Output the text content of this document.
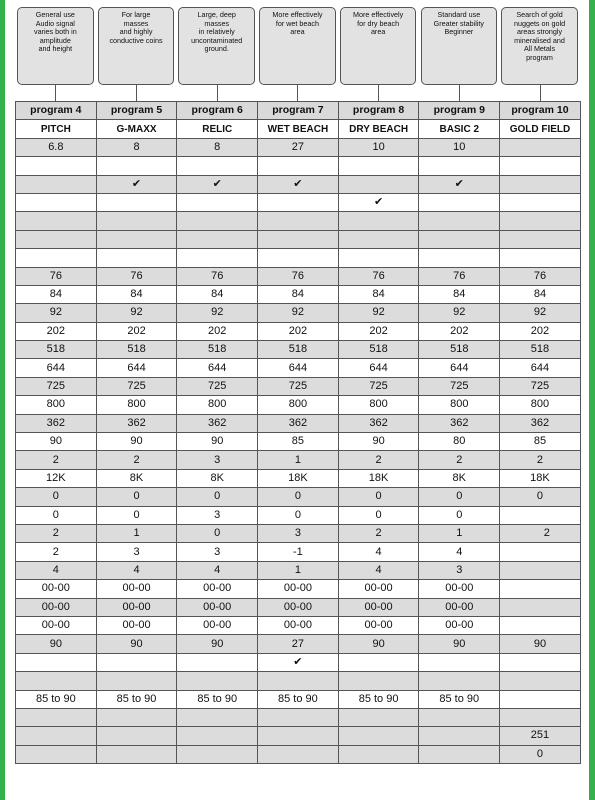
General use
Audio signal
varies both in
amplitude
and height
For large
masses
and highly
conductive coins
Large, deep
masses
in relatively
uncontaminated
ground.
More effectively
for wet beach
area
More effectively
for dry beach
area
Standard use
Greater stability
Beginner
Search of gold
nuggets on gold
areas strongly
mineralised and
All Metals
program
program 4	program 5	program 6	program 7	program 8	program 9	program 10
PITCH	G-MAXX	RELIC	WET BEACH	DRY BEACH	BASIC 2	GOLD FIELD
6.8	8	8	27	10	10	

	✔	✔	✔		✔	
				✔		

76	76	76	76	76	76	76
84	84	84	84	84	84	84
92	92	92	92	92	92	92
202	202	202	202	202	202	202
518	518	518	518	518	518	518
644	644	644	644	644	644	644
725	725	725	725	725	725	725
800	800	800	800	800	800	800
362	362	362	362	362	362	362
90	90	90	85	90	80	85
2	2	3	1	2	2	2
12K	8K	8K	18K	18K	8K	18K
0	0	0	0	0	0	0
0	0	3	0	0	0	
2	1	0	3	2	1	2
2	3	3	-1	4	4	
4	4	4	1	4	3	
00-00	00-00	00-00	00-00	00-00	00-00	
00-00	00-00	00-00	00-00	00-00	00-00	
00-00	00-00	00-00	00-00	00-00	00-00	
90	90	90	27	90	90	90
			✔			

85 to 90	85 to 90	85 to 90	85 to 90	85 to 90	85 to 90	

						251
						0
